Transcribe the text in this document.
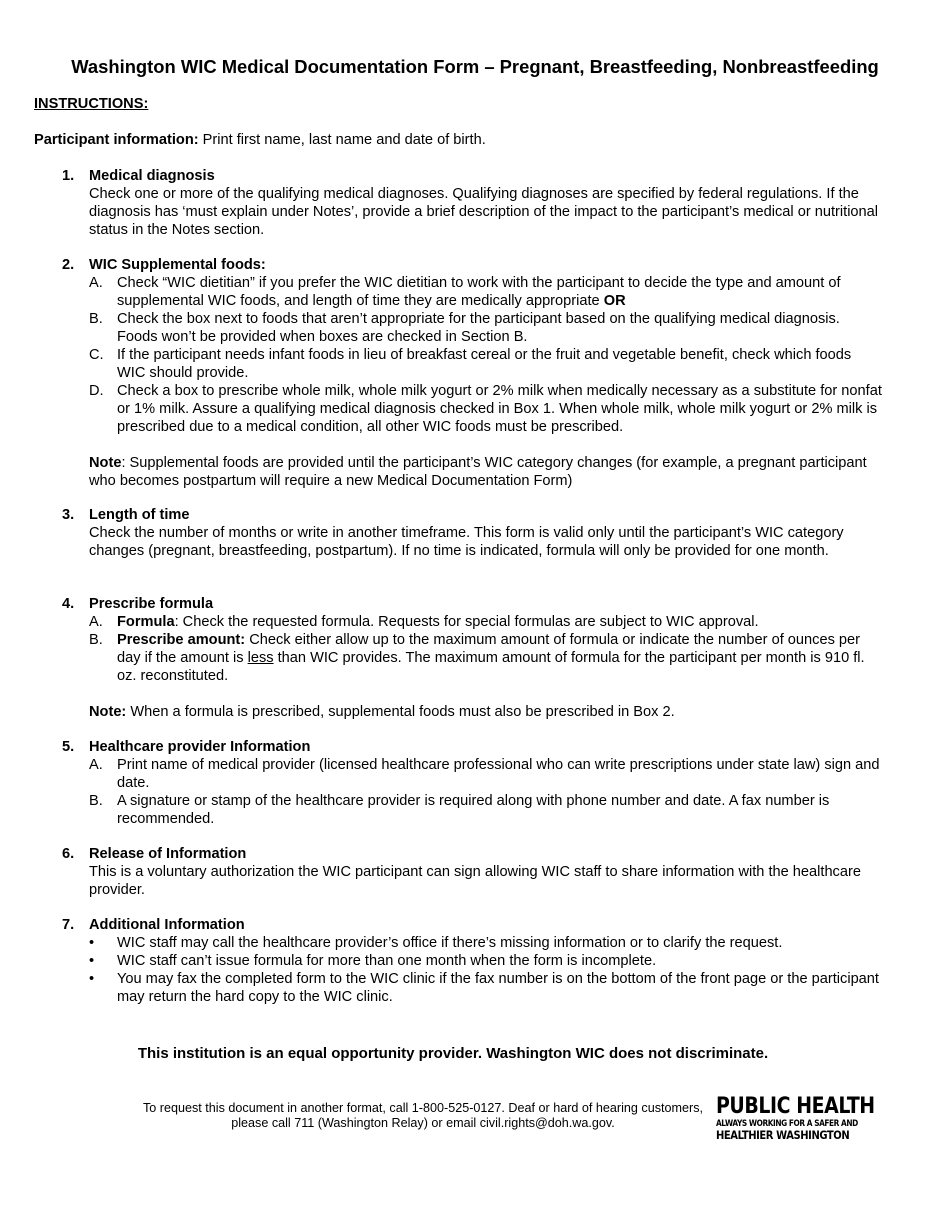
Washington WIC Medical Documentation Form – Pregnant, Breastfeeding, Nonbreastfeeding
INSTRUCTIONS:
Participant information: Print first name, last name and date of birth.
1.	Medical diagnosis
Check one or more of the qualifying medical diagnoses. Qualifying diagnoses are specified by federal regulations. If the diagnosis has ‘must explain under Notes’, provide a brief description of the impact to the participant’s medical or nutritional status in the Notes section.
2.	WIC Supplemental foods:
A. Check “WIC dietitian” if you prefer the WIC dietitian to work with the participant to decide the type and amount of supplemental WIC foods, and length of time they are medically appropriate OR
B. Check the box next to foods that aren’t appropriate for the participant based on the qualifying medical diagnosis. Foods won’t be provided when boxes are checked in Section B.
C. If the participant needs infant foods in lieu of breakfast cereal or the fruit and vegetable benefit, check which foods WIC should provide.
D. Check a box to prescribe whole milk, whole milk yogurt or 2% milk when medically necessary as a substitute for nonfat or 1% milk. Assure a qualifying medical diagnosis checked in Box 1. When whole milk, whole milk yogurt or 2% milk is prescribed due to a medical condition, all other WIC foods must be prescribed.
Note: Supplemental foods are provided until the participant’s WIC category changes (for example, a pregnant participant who becomes postpartum will require a new Medical Documentation Form)
3.	Length of time
Check the number of months or write in another timeframe. This form is valid only until the participant’s WIC category changes (pregnant, breastfeeding, postpartum). If no time is indicated, formula will only be provided for one month.
4.	Prescribe formula
A. Formula: Check the requested formula. Requests for special formulas are subject to WIC approval.
B. Prescribe amount: Check either allow up to the maximum amount of formula or indicate the number of ounces per day if the amount is less than WIC provides. The maximum amount of formula for the participant per month is 910 fl. oz. reconstituted.
Note: When a formula is prescribed, supplemental foods must also be prescribed in Box 2.
5.	Healthcare provider Information
A. Print name of medical provider (licensed healthcare professional who can write prescriptions under state law) sign and date.
B. A signature or stamp of the healthcare provider is required along with phone number and date. A fax number is recommended.
6.	Release of Information
This is a voluntary authorization the WIC participant can sign allowing WIC staff to share information with the healthcare provider.
7.	Additional Information
• WIC staff may call the healthcare provider’s office if there’s missing information or to clarify the request.
• WIC staff can’t issue formula for more than one month when the form is incomplete.
• You may fax the completed form to the WIC clinic if the fax number is on the bottom of the front page or the participant may return the hard copy to the WIC clinic.
This institution is an equal opportunity provider. Washington WIC does not discriminate.
To request this document in another format, call 1-800-525-0127. Deaf or hard of hearing customers,
please call 711 (Washington Relay) or email civil.rights@doh.wa.gov.
PUBLIC HEALTH
ALWAYS WORKING FOR A SAFER AND
HEALTHIER WASHINGTON
